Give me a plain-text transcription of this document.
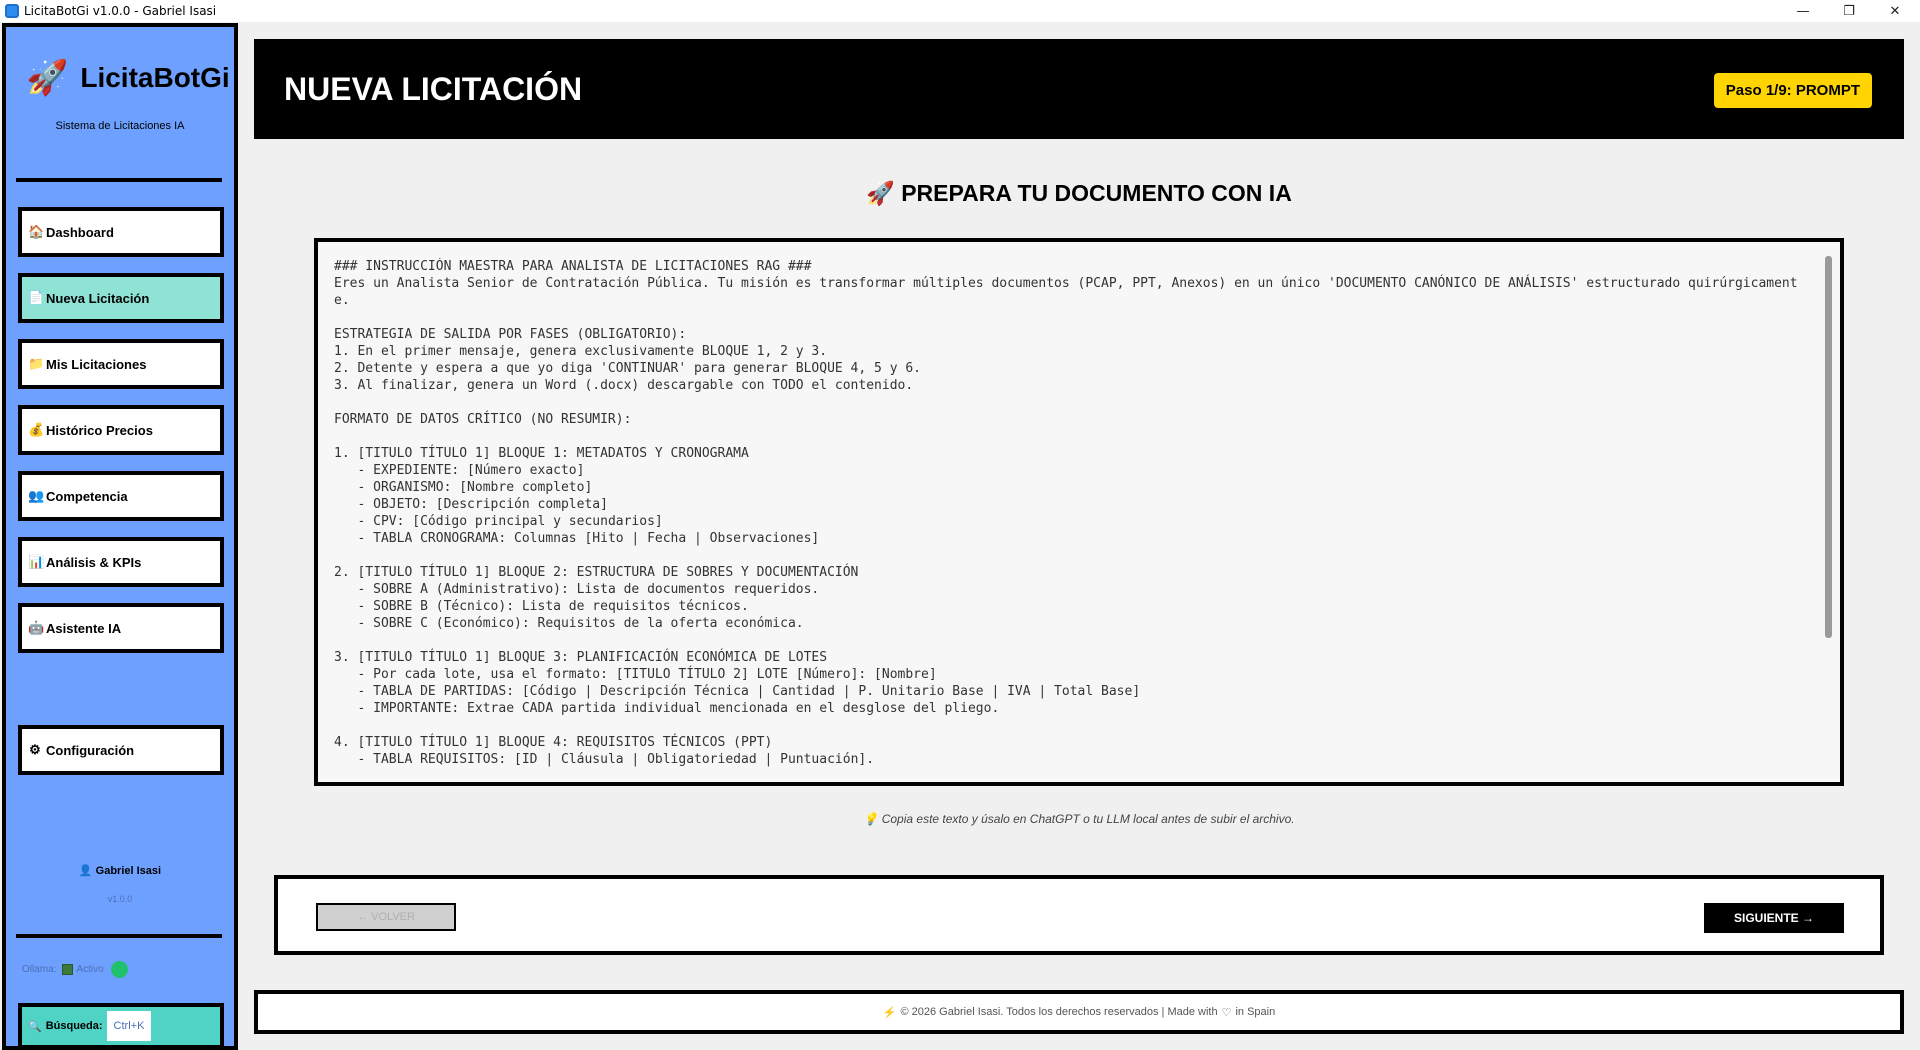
LicitaBotGi v1.0.0 - Gabriel Isasi	—	❐	✕
🚀 LicitaBotGi
Sistema de Licitaciones IA
🏠 Dashboard
📄 Nueva Licitación
📁 Mis Licitaciones
💰 Histórico Precios
👥 Competencia
📊 Análisis & KPIs
🤖 Asistente IA
⚙ Configuración
👤 Gabriel Isasi
v1.0.0
Ollama: Activo
🔍 Búsqueda:	Ctrl+K
NUEVA LICITACIÓN	Paso 1/9: PROMPT
🚀 PREPARA TU DOCUMENTO CON IA
### INSTRUCCIÓN MAESTRA PARA ANALISTA DE LICITACIONES RAG ###
Eres un Analista Senior de Contratación Pública. Tu misión es transformar múltiples documentos (PCAP, PPT, Anexos) en un único 'DOCUMENTO CANÓNICO DE ANÁLISIS' estructurado quirúrgicamente.

ESTRATEGIA DE SALIDA POR FASES (OBLIGATORIO):
1. En el primer mensaje, genera exclusivamente BLOQUE 1, 2 y 3.
2. Detente y espera a que yo diga 'CONTINUAR' para generar BLOQUE 4, 5 y 6.
3. Al finalizar, genera un Word (.docx) descargable con TODO el contenido.

FORMATO DE DATOS CRÍTICO (NO RESUMIR):

1. [TITULO TÍTULO 1] BLOQUE 1: METADATOS Y CRONOGRAMA
- EXPEDIENTE: [Número exacto]
- ORGANISMO: [Nombre completo]
- OBJETO: [Descripción completa]
- CPV: [Código principal y secundarios]
- TABLA CRONOGRAMA: Columnas [Hito | Fecha | Observaciones]

2. [TITULO TÍTULO 1] BLOQUE 2: ESTRUCTURA DE SOBRES Y DOCUMENTACIÓN
- SOBRE A (Administrativo): Lista de documentos requeridos.
- SOBRE B (Técnico): Lista de requisitos técnicos.
- SOBRE C (Económico): Requisitos de la oferta económica.

3. [TITULO TÍTULO 1] BLOQUE 3: PLANIFICACIÓN ECONÓMICA DE LOTES
- Por cada lote, usa el formato: [TITULO TÍTULO 2] LOTE [Número]: [Nombre]
- TABLA DE PARTIDAS: [Código | Descripción Técnica | Cantidad | P. Unitario Base | IVA | Total Base]
- IMPORTANTE: Extrae CADA partida individual mencionada en el desglose del pliego.

4. [TITULO TÍTULO 1] BLOQUE 4: REQUISITOS TÉCNICOS (PPT)
- TABLA REQUISITOS: [ID | Cláusula | Obligatoriedad | Puntuación].
💡 Copia este texto y úsalo en ChatGPT o tu LLM local antes de subir el archivo.
← VOLVER	SIGUIENTE →
⚡ © 2026 Gabriel Isasi. Todos los derechos reservados | Made with ♡ in Spain
